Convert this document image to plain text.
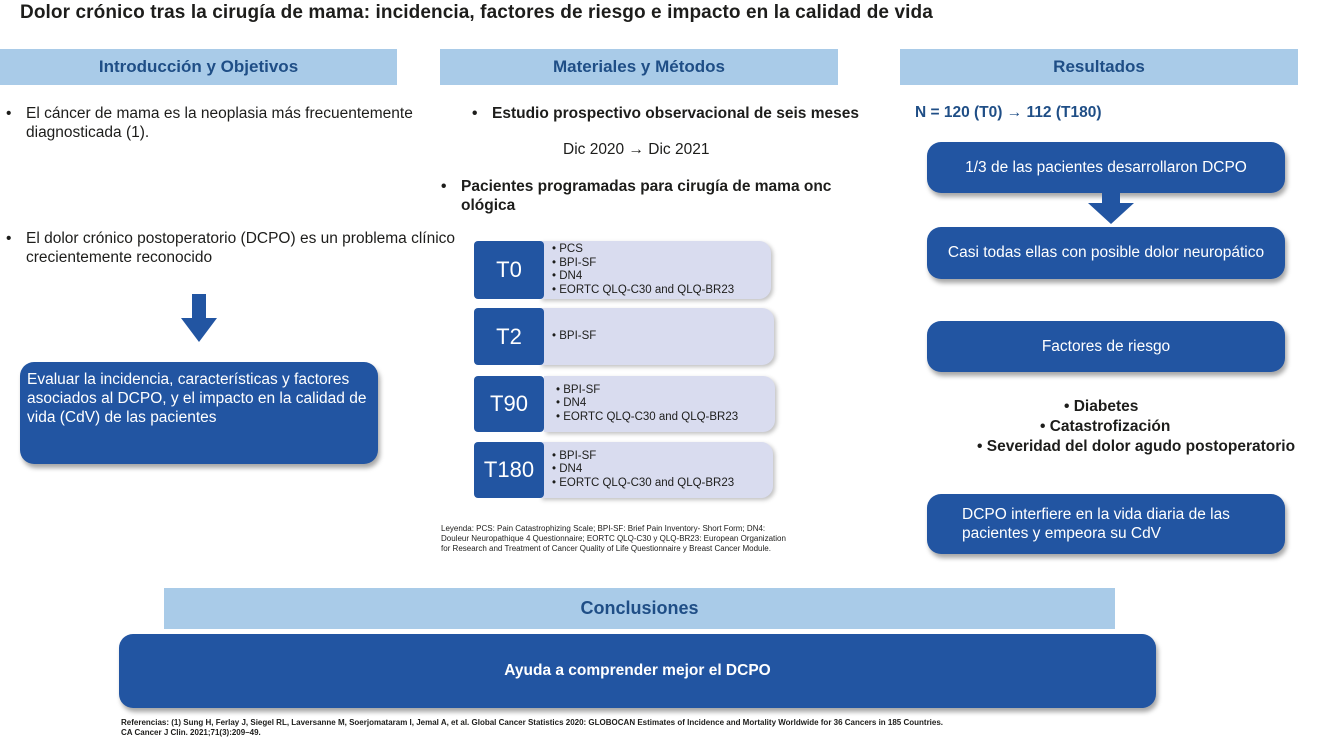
Dolor crónico tras la cirugía de mama: incidencia, factores de riesgo e impacto en la calidad de vida
Introducción y Objetivos	Materiales y Métodos	Resultados
• El cáncer de mama es la neoplasia más frecuentemente diagnosticada (1).
• El dolor crónico postoperatorio (DCPO) es un problema clínico crecientemente reconocido
Evaluar la incidencia, características y factores asociados al DCPO, y el impacto en la calidad de vida (CdV) de las pacientes
• Estudio prospectivo observacional de seis meses
Dic 2020 → Dic 2021
• Pacientes programadas para cirugía de mama onc ológica
• PCS
• BPI-SF
• DN4
• EORTC QLQ-C30 and QLQ-BR23
T0
• BPI-SF
T2
• BPI-SF
• DN4
• EORTC QLQ-C30 and QLQ-BR23
T90
• BPI-SF
• DN4
• EORTC QLQ-C30 and QLQ-BR23
T180
Leyenda: PCS: Pain Catastrophizing Scale; BPI-SF: Brief Pain Inventory- Short Form; DN4:
Douleur Neuropathique 4 Questionnaire; EORTC QLQ-C30 y QLQ-BR23: European Organization
for Research and Treatment of Cancer Quality of Life Questionnaire y Breast Cancer Module.
N = 120 (T0) → 112 (T180)
1/3 de las pacientes desarrollaron DCPO
Casi todas ellas con posible dolor neuropático
Factores de riesgo
• Diabetes
• Catastrofización
• Severidad del dolor agudo postoperatorio
DCPO interfiere en la vida diaria de las pacientes y empeora su CdV
Conclusiones
Ayuda a comprender mejor el DCPO
Referencias: (1) Sung H, Ferlay J, Siegel RL, Laversanne M, Soerjomataram I, Jemal A, et al. Global Cancer Statistics 2020: GLOBOCAN Estimates of Incidence and Mortality Worldwide for 36 Cancers in 185 Countries.
CA Cancer J Clin. 2021;71(3):209–49.
